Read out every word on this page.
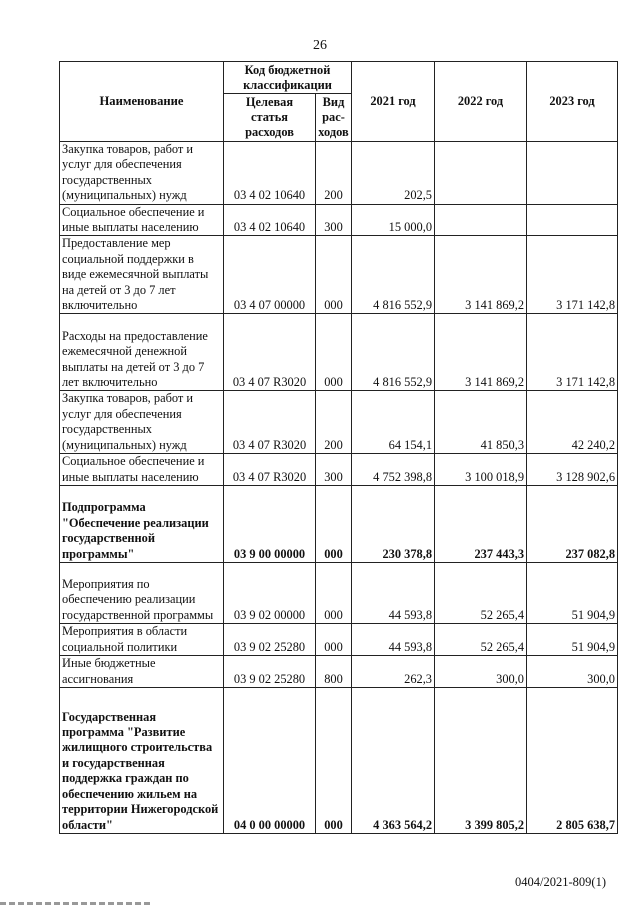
26
Наименование	Код бюджетной классификации		2021 год	2022 год	2023 год
	Целевая статья расходов	Вид рас-ходов			
Закупка товаров, работ и услуг для обеспечения государственных (муниципальных) нужд	03 4 02 10640	200	202,5		
Социальное обеспечение и иные выплаты населению	03 4 02 10640	300	15 000,0		
Предоставление мер социальной поддержки в виде ежемесячной выплаты на детей от 3 до 7 лет включительно	03 4 07 00000	000	4 816 552,9	3 141 869,2	3 171 142,8
Расходы на предоставление ежемесячной денежной выплаты на детей от 3 до 7 лет включительно	03 4 07 R3020	000	4 816 552,9	3 141 869,2	3 171 142,8
Закупка товаров, работ и услуг для обеспечения государственных (муниципальных) нужд	03 4 07 R3020	200	64 154,1	41 850,3	42 240,2
Социальное обеспечение и иные выплаты населению	03 4 07 R3020	300	4 752 398,8	3 100 018,9	3 128 902,6
Подпрограмма "Обеспечение реализации государственной программы"	03 9 00 00000	000	230 378,8	237 443,3	237 082,8
Мероприятия по обеспечению реализации государственной программы	03 9 02 00000	000	44 593,8	52 265,4	51 904,9
Мероприятия в области социальной политики	03 9 02 25280	000	44 593,8	52 265,4	51 904,9
Иные бюджетные ассигнования	03 9 02 25280	800	262,3	300,0	300,0
Государственная программа "Развитие жилищного строительства и государственная поддержка граждан по обеспечению жильем на территории Нижегородской области"	04 0 00 00000	000	4 363 564,2	3 399 805,2	2 805 638,7
0404/2021-809(1)
